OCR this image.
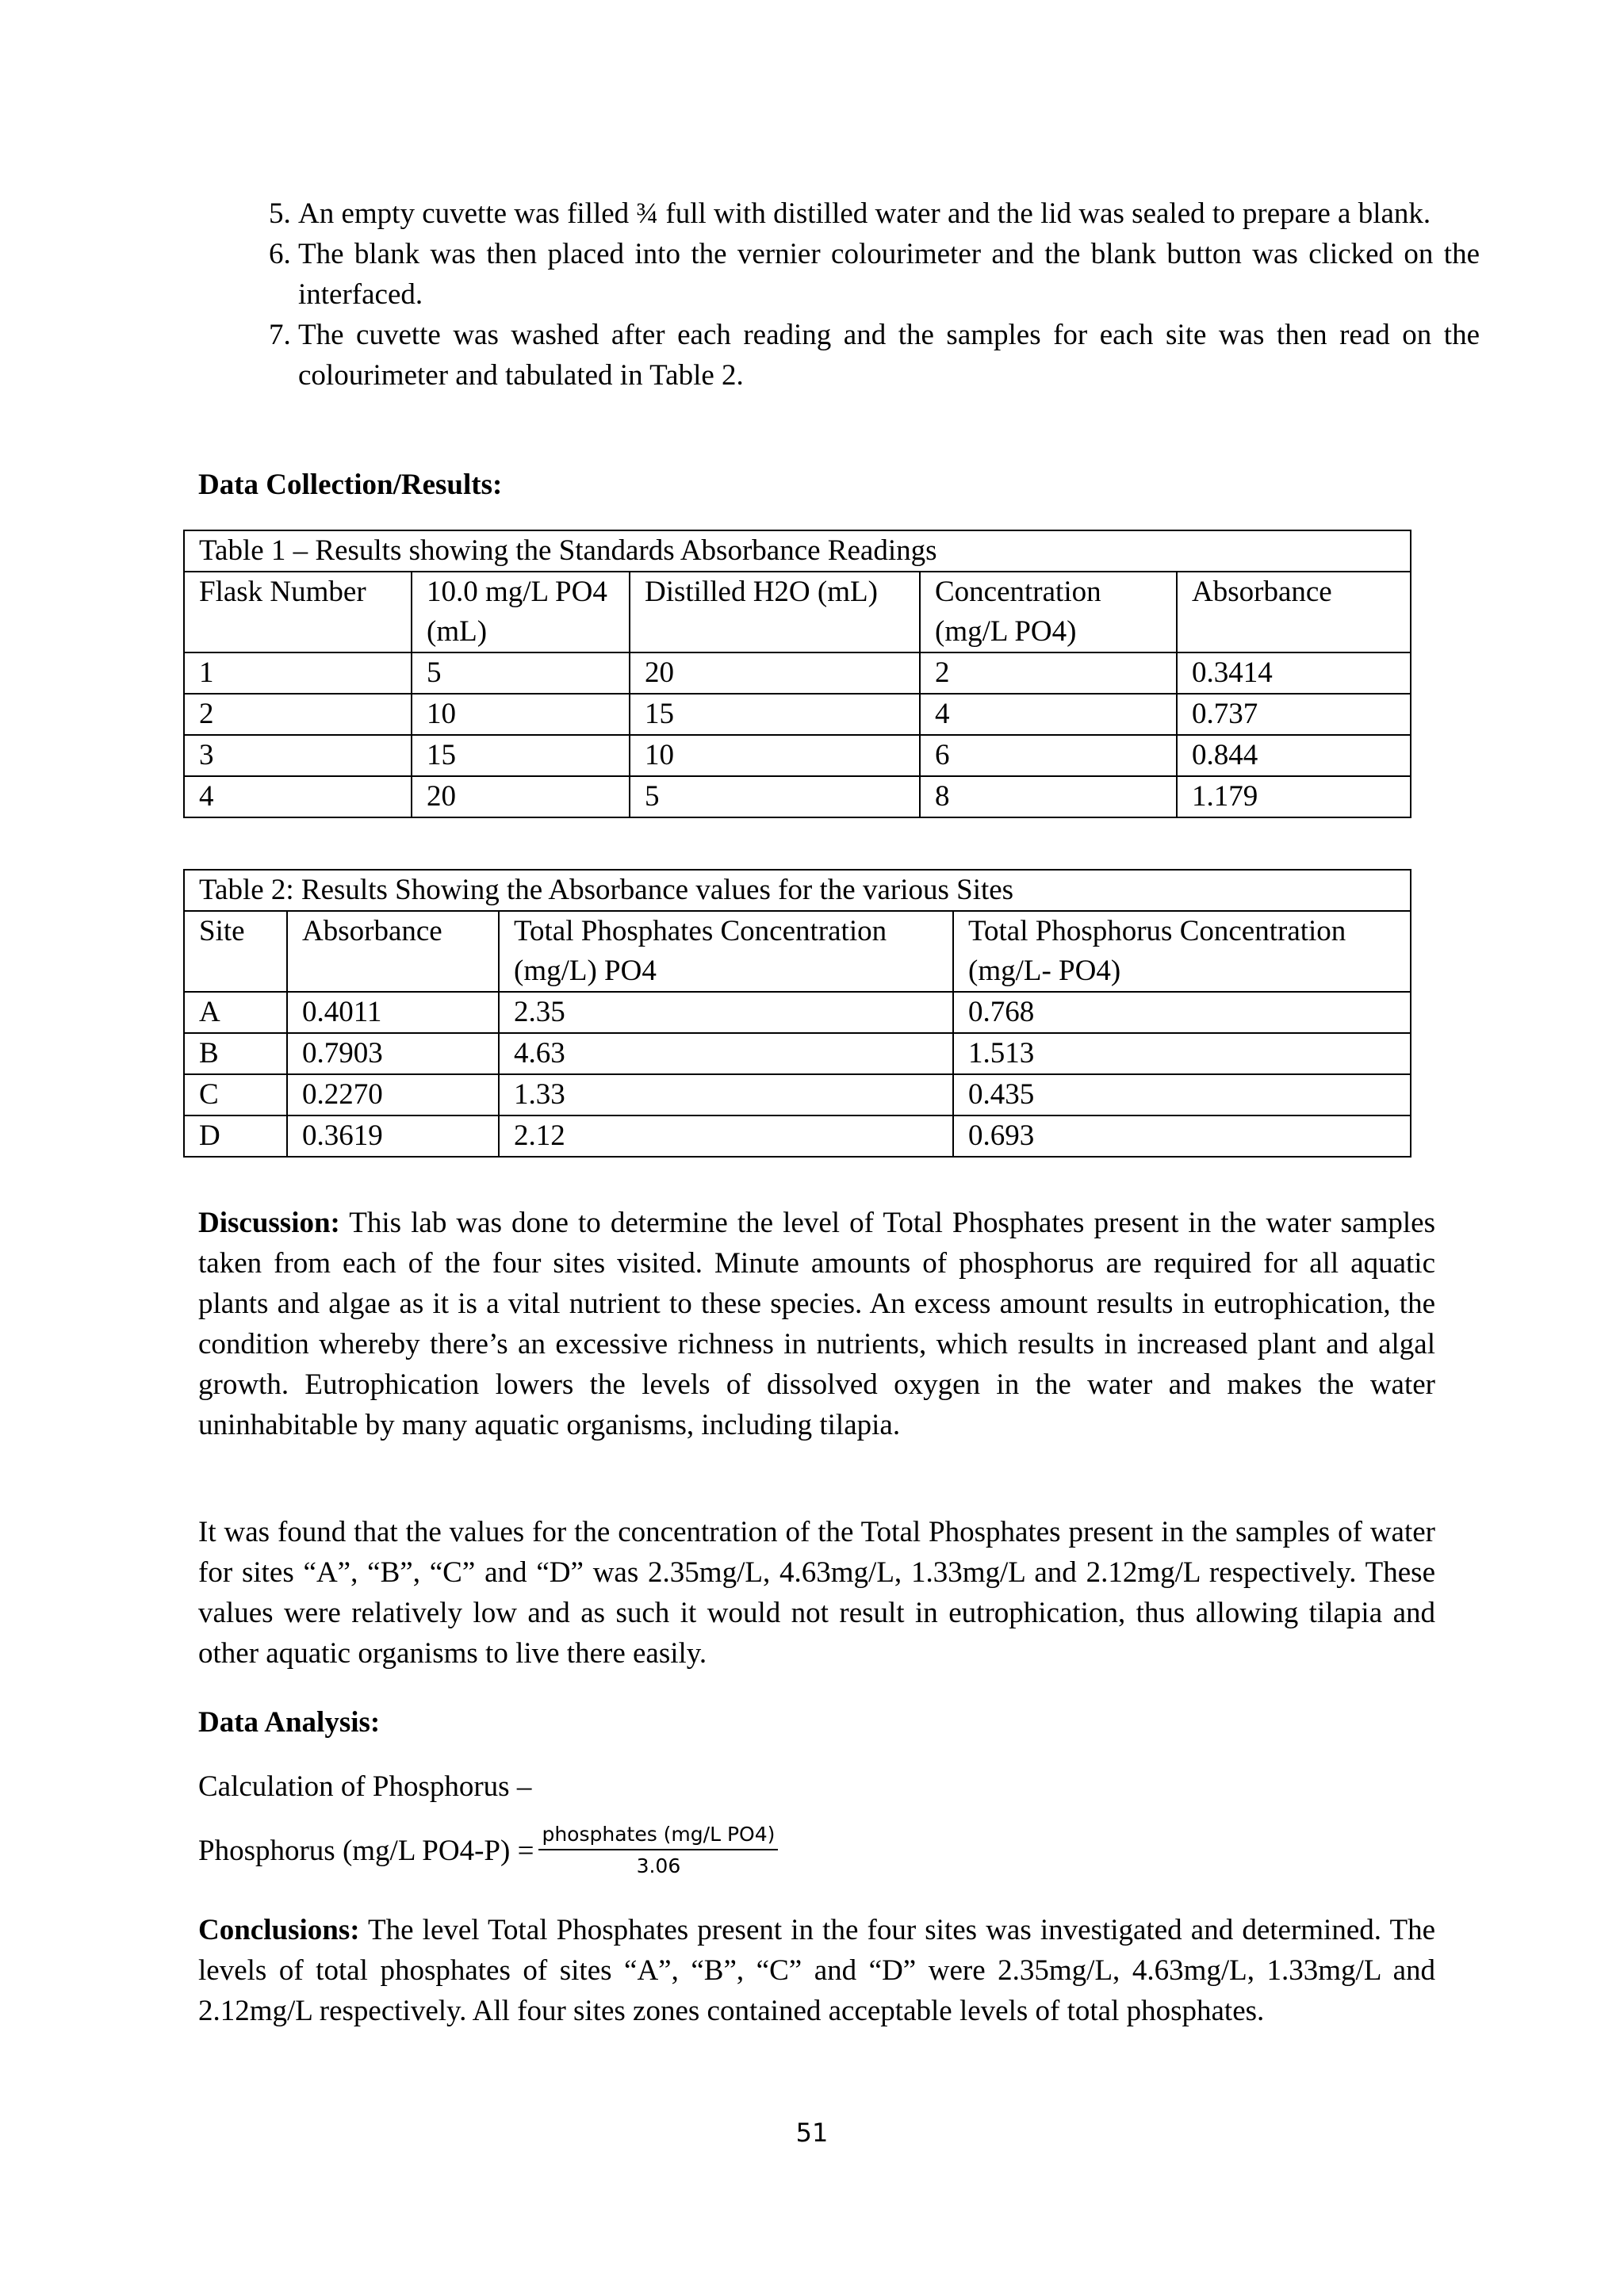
5. An empty cuvette was filled ¾ full with distilled water and the lid was sealed to prepare a blank.
6. The blank was then placed into the vernier colourimeter and the blank button was clicked on the interfaced.
7. The cuvette was washed after each reading and the samples for each site was then read on the colourimeter and tabulated in Table 2.

Data Collection/Results:

Table 1 – Results showing the Standards Absorbance Readings				
Flask Number	10.0 mg/L PO4 (mL)	Distilled H2O (mL)	Concentration (mg/L PO4)	Absorbance
1	5	20	2	0.3414
2	10	15	4	0.737
3	15	10	6	0.844
4	20	5	8	1.179
Table 2: Results Showing the Absorbance values for the various Sites			
Site	Absorbance	Total Phosphates Concentration (mg/L) PO4	Total Phosphorus Concentration (mg/L- PO4)
A	0.4011	2.35	0.768
B	0.7903	4.63	1.513
C	0.2270	1.33	0.435
D	0.3619	2.12	0.693

Discussion: This lab was done to determine the level of Total Phosphates present in the water samples taken from each of the four sites visited. Minute amounts of phosphorus are required for all aquatic plants and algae as it is a vital nutrient to these species. An excess amount results in eutrophication, the condition whereby there’s an excessive richness in nutrients, which results in increased plant and algal growth. Eutrophication lowers the levels of dissolved oxygen in the water and makes the water uninhabitable by many aquatic organisms, including tilapia.

It was found that the values for the concentration of the Total Phosphates present in the samples of water for sites “A”, “B”, “C” and “D” was 2.35mg/L, 4.63mg/L, 1.33mg/L and 2.12mg/L respectively. These values were relatively low and as such it would not result in eutrophication, thus allowing tilapia and other aquatic organisms to live there easily.

Data Analysis:

Calculation of Phosphorus –

Phosphorus (mg/L $PO4-P) = \frac{\text{phosphates (mg/L PO4)}}{3.06}$

Conclusions: The level Total Phosphates present in the four sites was investigated and determined. The levels of total phosphates of sites “A”, “B”, “C” and “D” were 2.35mg/L, 4.63mg/L, 1.33mg/L and 2.12mg/L respectively. All four sites zones contained acceptable levels of total phosphates.

51
